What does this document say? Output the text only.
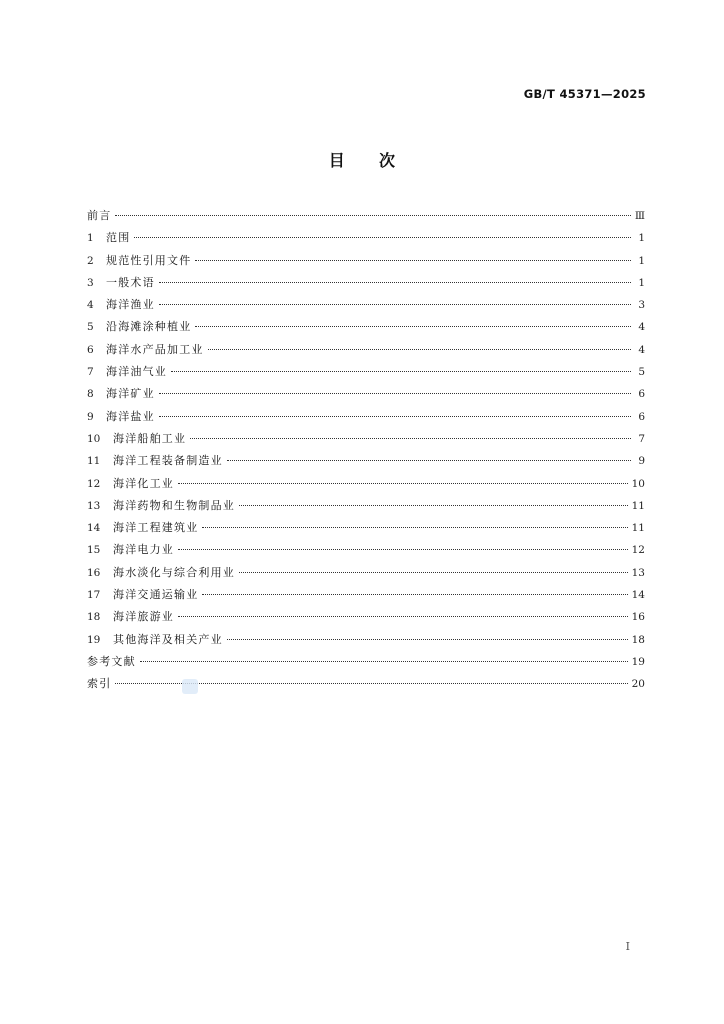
GB/T 45371—2025
目 次
前言	Ⅲ
1	范围	1
2	规范性引用文件	1
3	一般术语	1
4	海洋渔业	3
5	沿海滩涂种植业	4
6	海洋水产品加工业	4
7	海洋油气业	5
8	海洋矿业	6
9	海洋盐业	6
10	海洋船舶工业	7
11	海洋工程装备制造业	9
12	海洋化工业	10
13	海洋药物和生物制品业	11
14	海洋工程建筑业	11
15	海洋电力业	12
16	海水淡化与综合利用业	13
17	海洋交通运输业	14
18	海洋旅游业	16
19	其他海洋及相关产业	18
参考文献	19
索引	20
Ⅰ
